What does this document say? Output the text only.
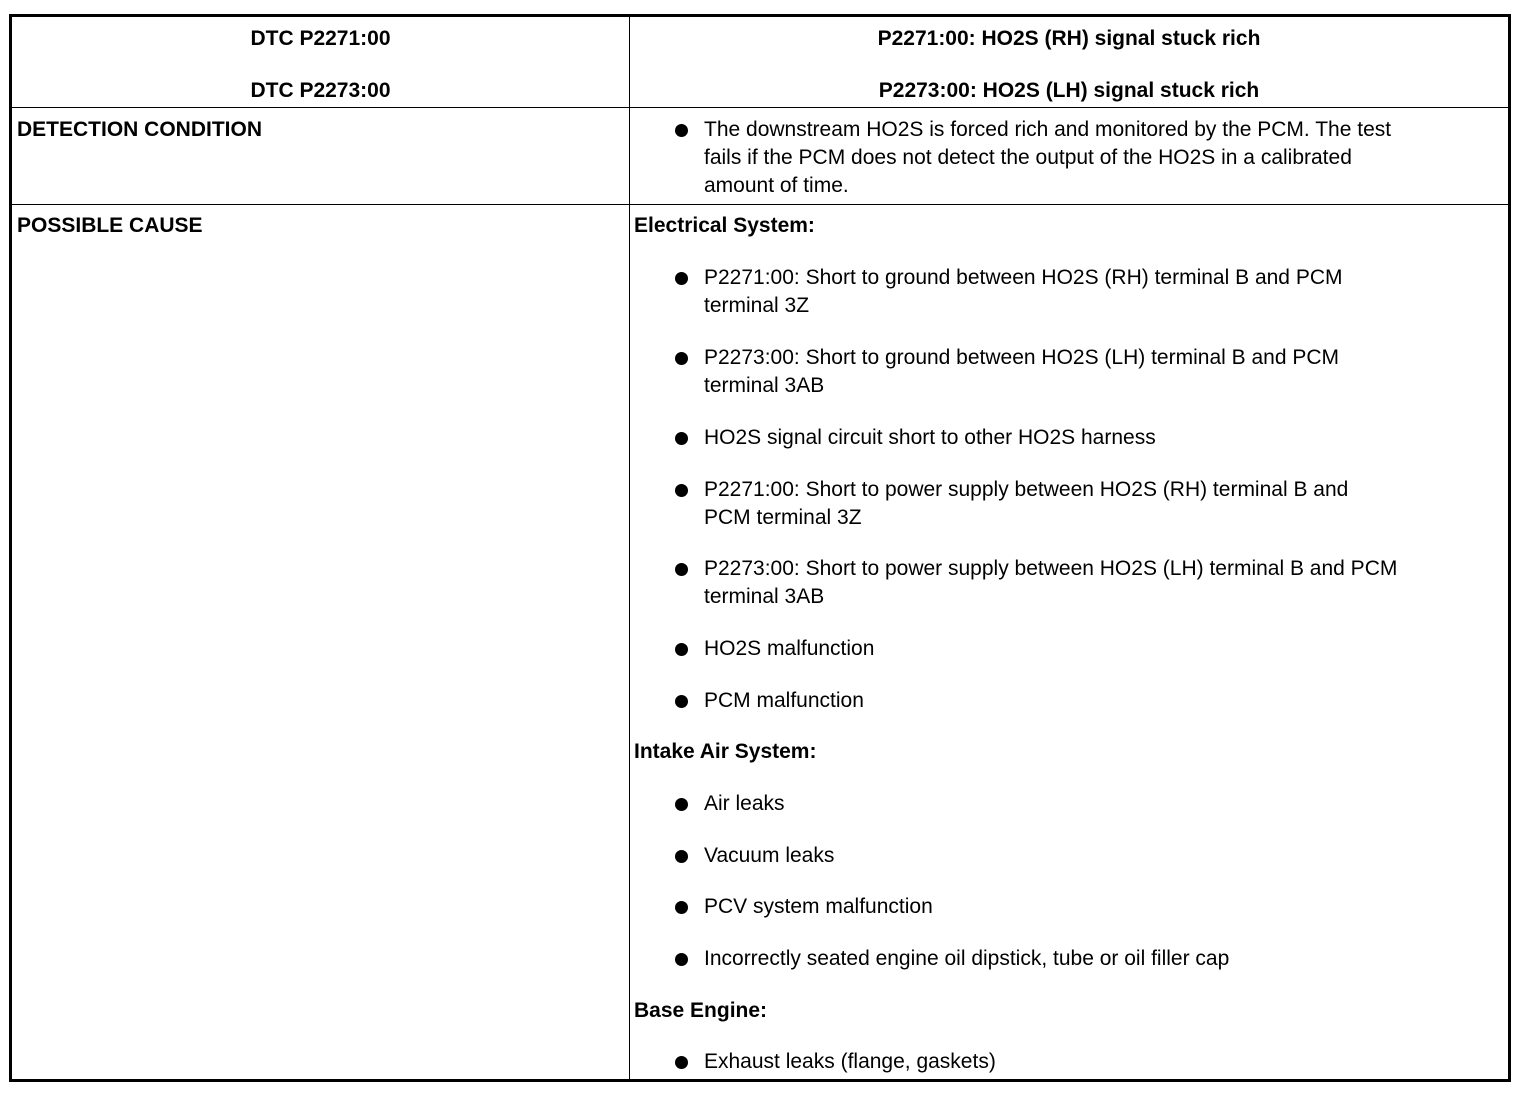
DTC P2271:00
DTC P2273:00
P2271:00: HO2S (RH) signal stuck rich
P2273:00: HO2S (LH) signal stuck rich
DETECTION CONDITION	The downstream HO2S is forced rich and monitored by the PCM. The test
fails if the PCM does not detect the output of the HO2S in a calibrated
amount of time.
POSSIBLE CAUSE	Electrical System:
P2271:00: Short to ground between HO2S (RH) terminal B and PCM
terminal 3Z
P2273:00: Short to ground between HO2S (LH) terminal B and PCM
terminal 3AB
HO2S signal circuit short to other HO2S harness
P2271:00: Short to power supply between HO2S (RH) terminal B and
PCM terminal 3Z
P2273:00: Short to power supply between HO2S (LH) terminal B and PCM
terminal 3AB
HO2S malfunction
PCM malfunction
Intake Air System:
Air leaks
Vacuum leaks
PCV system malfunction
Incorrectly seated engine oil dipstick, tube or oil filler cap
Base Engine:
Exhaust leaks (flange, gaskets)
